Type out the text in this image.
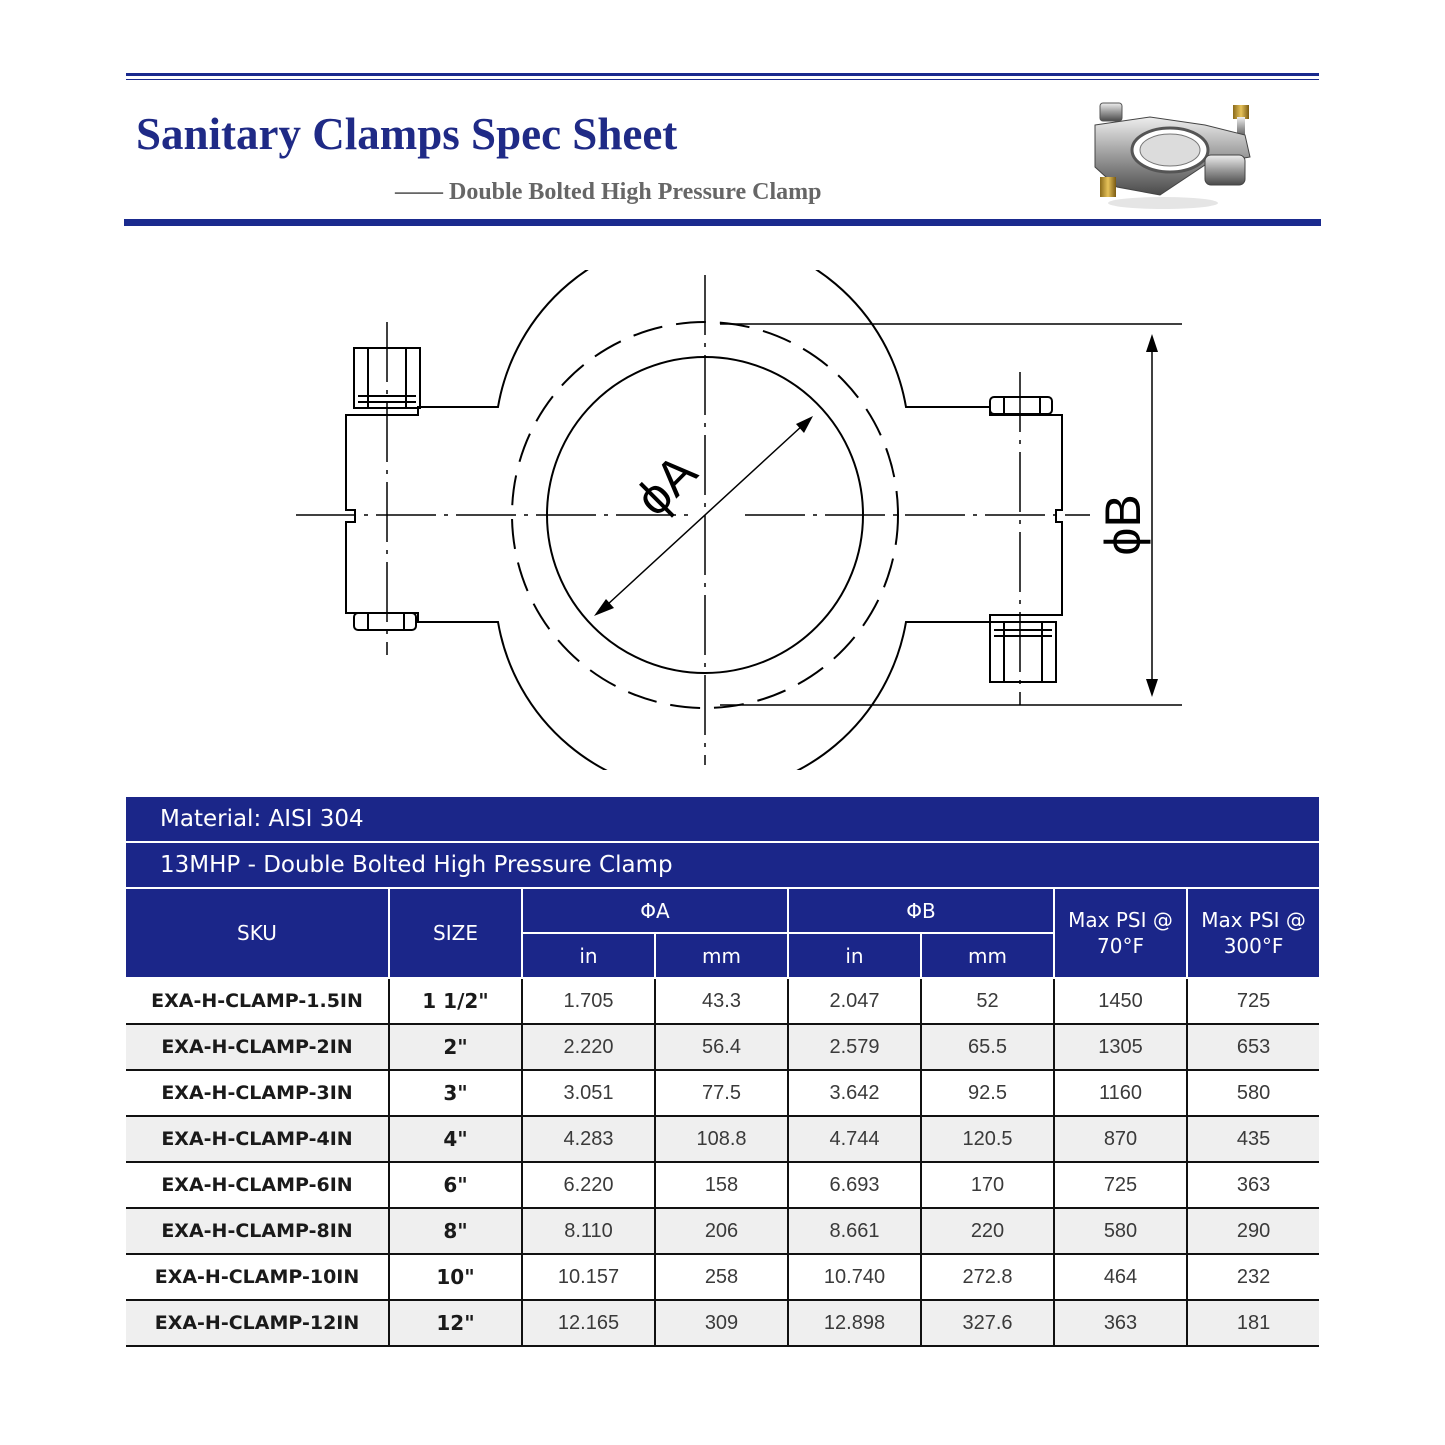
Sanitary Clamps Spec Sheet
—— Double Bolted High Pressure Clamp
ϕA	ϕB
Material: AISI 304							
13MHP - Double Bolted High Pressure Clamp							
SKU	SIZE	ΦA		ΦB		Max PSI @ 70°F	Max PSI @ 300°F
		in	mm	in	mm		
EXA-H-CLAMP-1.5IN	1 1/2"	1.705	43.3	2.047	52	1450	725
EXA-H-CLAMP-2IN	2"	2.220	56.4	2.579	65.5	1305	653
EXA-H-CLAMP-3IN	3"	3.051	77.5	3.642	92.5	1160	580
EXA-H-CLAMP-4IN	4"	4.283	108.8	4.744	120.5	870	435
EXA-H-CLAMP-6IN	6"	6.220	158	6.693	170	725	363
EXA-H-CLAMP-8IN	8"	8.110	206	8.661	220	580	290
EXA-H-CLAMP-10IN	10"	10.157	258	10.740	272.8	464	232
EXA-H-CLAMP-12IN	12"	12.165	309	12.898	327.6	363	181
